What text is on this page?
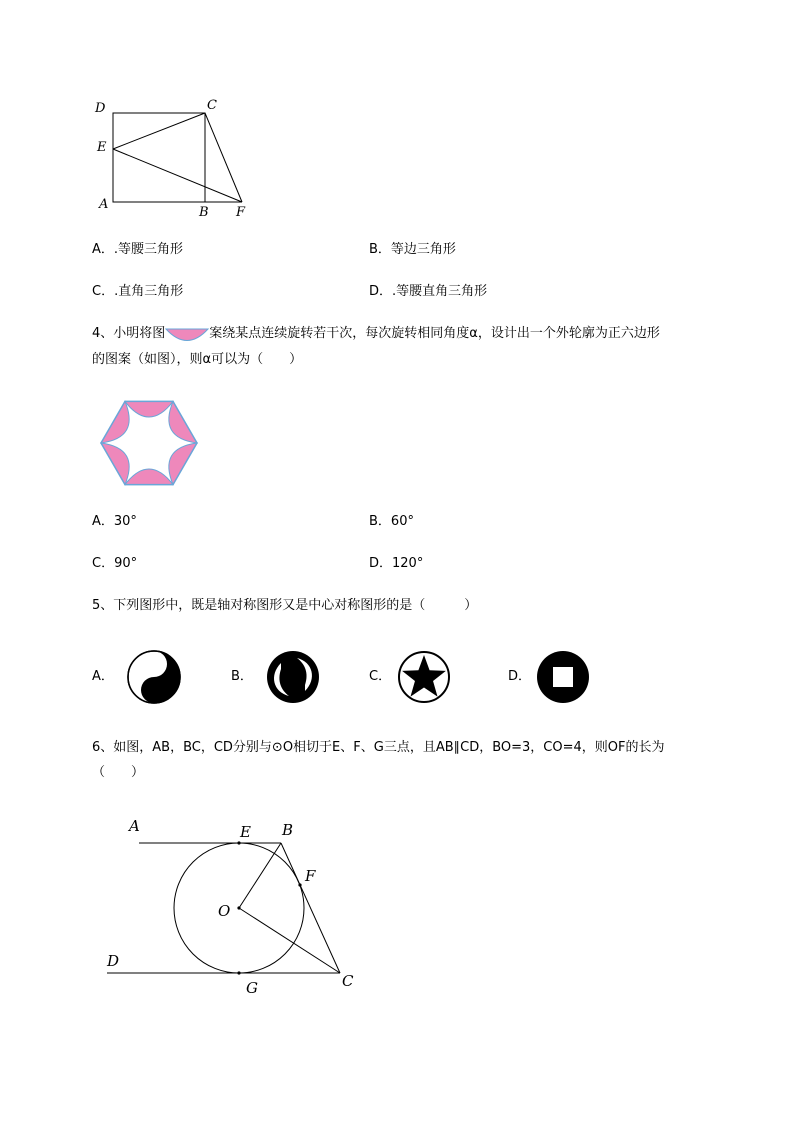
D	C
E
A
B F
A．.等腰三角形	B．等边三角形
C．.直角三角形	D．.等腰直角三角形
4、小明将图	案绕某点连续旋转若干次，每次旋转相同角度α，设计出一个外轮廓为正六边形
的图案（如图），则α可以为（　　）
A．30°	B．60°
C．90°	D．120°
5、下列图形中，既是轴对称图形又是中心对称图形的是（　　　）
A．	B．	C．	D．
6、如图，AB，BC，CD分别与⊙O相切于E、F、G三点，且AB∥CD，BO=3，CO=4，则OF的长为
（　　）
A	E B
F
O
D
G	C
